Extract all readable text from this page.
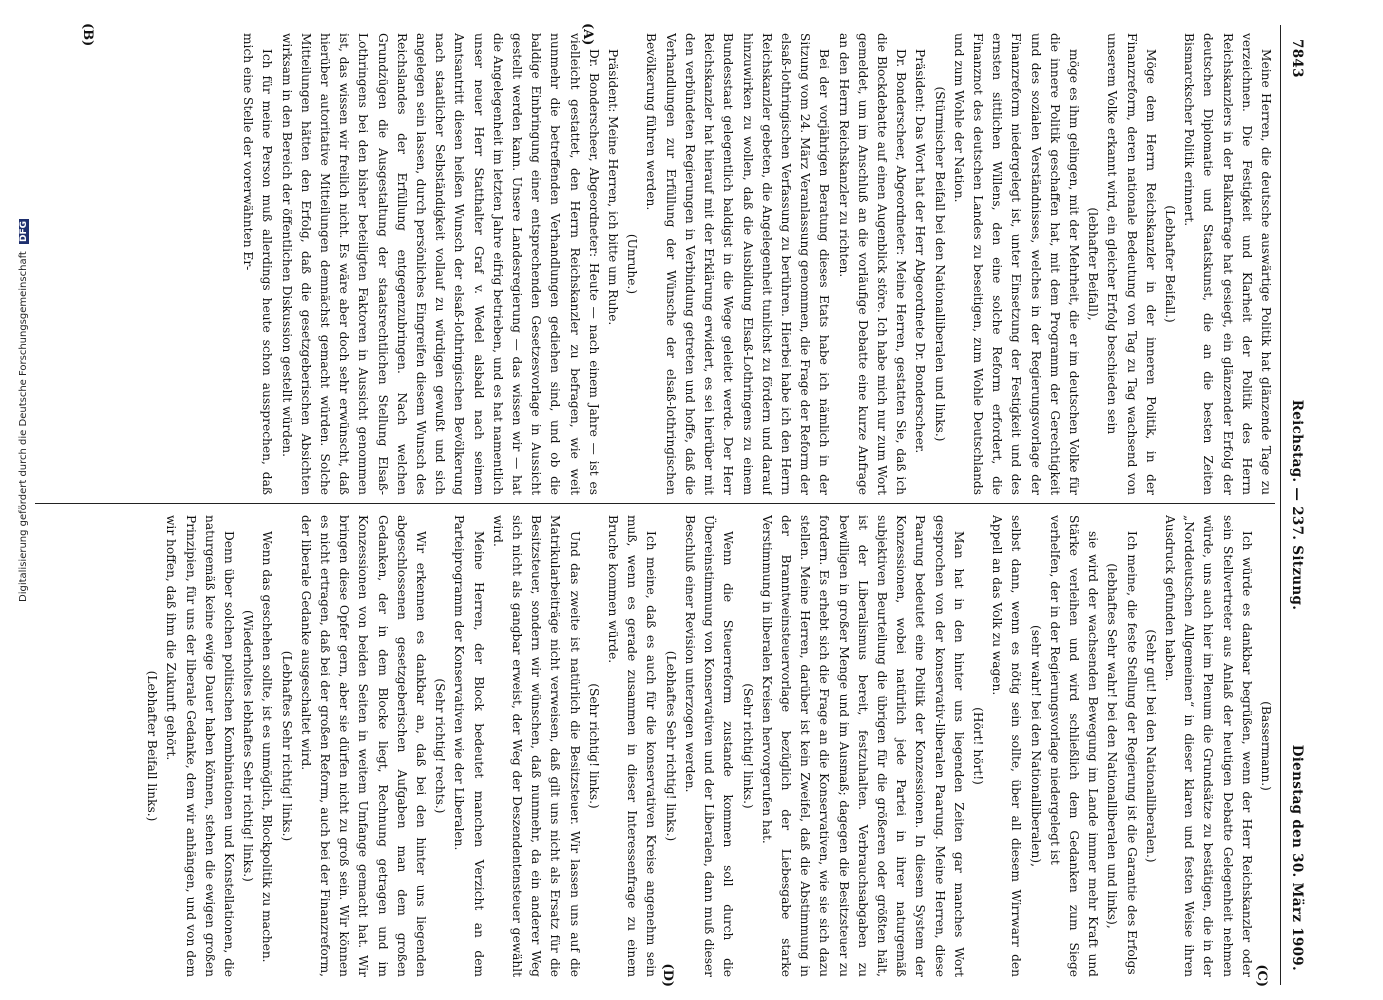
7843
Reichstag. — 237. Sitzung.
Dienstag den 30. März 1909.

Meine Herren, die deutsche auswärtige Politik hat glänzende Tage zu verzeichnen. Die Festigkeit und Klarheit der Politik des Herrn Reichskanzlers in der Balkanfrage hat gesiegt, ein glänzender Erfolg der deutschen Diplomatie und Staatskunst, die an die besten Zeiten Bismarckscher Politik erinnert.

(Lebhafter Beifall.)

Möge dem Herrn Reichskanzler in der inneren Politik, in der Finanzreform, deren nationale Bedeutung von Tag zu Tag wachsend von unserem Volke erkannt wird, ein gleicher Erfolg beschieden sein

(lebhafter Beifall),

möge es ihm gelingen, mit der Mehrheit, die er im deutschen Volke für die innere Politik geschaffen hat, mit dem Programm der Gerechtigkeit und des sozialen Verständnisses, welches in der Regierungsvorlage der Finanzreform niedergelegt ist, unter Einsetzung der Festigkeit und des ernsten sittlichen Willens, den eine solche Reform erfordert, die Finanznot des deutschen Landes zu beseitigen, zum Wohle Deutschlands und zum Wohle der Nation.

(Stürmischer Beifall bei den Nationalliberalen und links.)

Präsident: Das Wort hat der Herr Abgeordnete Dr. Bonderscheer.

Dr. Bonderscheer, Abgeordneter: Meine Herren, gestatten Sie, daß ich die Blockdebatte auf einen Augenblick störe. Ich habe mich nur zum Wort gemeldet, um im Anschluß an die vorläufige Debatte eine kurze Anfrage an den Herrn Reichskanzler zu richten.

Bei der vorjährigen Beratung dieses Etats habe ich nämlich in der Sitzung vom 24. März Veranlassung genommen, die Frage der Reform der elsaß-lothringischen Verfassung zu berühren. Hierbei habe ich den Herrn Reichskanzler gebeten, die Angelegenheit tunlichst zu fördern und darauf hinzuwirken zu wollen, daß die Ausbildung Elsaß-Lothringens zu einem Bundesstaat gelegentlich baldigst in die Wege geleitet werde. Der Herr Reichskanzler hat hierauf mit der Erklärung erwidert, es sei hierüber mit den verbündeten Regierungen in Verbindung getreten und hoffe, daß die Verhandlungen zur Erfüllung der Wünsche der elsaß-lothringischen Bevölkerung führen werden.

(Unruhe.)

Präsident: Meine Herren, ich bitte um Ruhe.

Dr. Bonderscheer, Abgeordneter: Heute — nach einem Jahre — ist es vielleicht gestattet, den Herrn Reichskanzler zu befragen, wie weit nunmehr die betreffenden Verhandlungen gediehen sind, und ob die baldige Einbringung einer entsprechenden Gesetzesvorlage in Aussicht gestellt werden kann. Unsere Landesregierung — das wissen wir — hat die Angelegenheit im letzten Jahre eifrig betrieben, und es hat namentlich unser neuer Herr Statthalter Graf v. Wedel alsbald nach seinem Amtsantritt diesen heißen Wunsch der elsaß-lothringischen Bevölkerung nach staatlicher Selbständigkeit vollauf zu würdigen gewußt und sich angelegen sein lassen, durch persönliches Eingreifen diesem Wunsch des Reichslandes der Erfüllung entgegenzubringen. Nach welchen Grundzügen die Ausgestaltung der staatsrechtlichen Stellung Elsaß-Lothringens bei den bisher beteiligten Faktoren in Aussicht genommen ist, das wissen wir freilich nicht. Es wäre aber doch sehr erwünscht, daß hierüber autoritative Mitteilungen demnächst gemacht würden. Solche Mitteilungen hätten den Erfolg, daß die gesetzgeberischen Absichten wirksam in den Bereich der öffentlichen Diskussion gestellt würden.

Ich für meine Person muß allerdings heute schon aussprechen, daß mich eine Stelle der vorerwähnten Er-

(Bassermann.)

Ich würde es dankbar begrüßen, wenn der Herr Reichskanzler oder sein Stellvertreter aus Anlaß der heutigen Debatte Gelegenheit nehmen würde, uns auch hier im Plenum die Grundsätze zu bestätigen, die in der „Norddeutschen Allgemeinen“ in dieser klaren und festen Weise ihren Ausdruck gefunden haben.

(Sehr gut! bei den Nationalliberalen.)

Ich meine, die feste Stellung der Regierung ist die Garantie des Erfolgs

(lebhaftes Sehr wahr! bei den Nationalliberalen und links),

sie wird der wachsenden Bewegung im Lande immer mehr Kraft und Stärke verleihen und wird schließlich dem Gedanken zum Siege verhelfen, der in der Regierungsvorlage niedergelegt ist

(sehr wahr! bei den Nationalliberalen),

selbst dann, wenn es nötig sein sollte, über all diesem Wirrwarr den Appell an das Volk zu wagen.

(Hört! hört!)

Man hat in den hinter uns liegenden Zeiten gar manches Wort gesprochen von der konservativ-liberalen Paarung. Meine Herren, diese Paarung bedeutet eine Politik der Konzessionen. In diesem System der Konzessionen, wobei natürlich jede Partei in ihrer naturgemäß subjektiven Beurteilung die übrigen für die größeren oder größten hält, ist der Liberalismus bereit, festzuhalten. Verbrauchsabgaben zu bewilligen in großer Menge und im Ausmaß; dagegen die Besitzsteuer zu fordern. Es erhebt sich die Frage an die Konservativen, wie sie sich dazu stellen. Meine Herren, darüber ist kein Zweifel, daß die Abstimmung in der Branntweinsteuervorlage bezüglich der Liebesgabe starke Verstimmung in liberalen Kreisen hervorgerufen hat.

(Sehr richtig! links.)

Wenn die Steuerreform zustande kommen soll durch die Übereinstimmung von Konservativen und der Liberalen, dann muß dieser Beschluß einer Revision unterzogen werden.

(Lebhaftes Sehr richtig! links.)

Ich meine, daß es auch für die konservativen Kreise angenehm sein muß, wenn es gerade zusammen in dieser Interessenfrage zu einem Bruche kommen würde.

(Sehr richtig! links.)

Und das zweite ist natürlich die Besitzsteuer. Wir lassen uns auf die Matrikularbeiträge nicht verweisen, daß gilt uns nicht als Ersatz für die Besitzsteuer, sondern wir wünschen, daß nunmehr, da ein anderer Weg sich nicht als gangbar erweist, der Weg der Deszendentensteuer gewählt wird.

Meine Herren, der Block bedeutet manchen Verzicht an dem Parteiprogramm der Konservativen wie der Liberalen.

(Sehr richtig! rechts.)

Wir erkennen es dankbar an, daß bei den hinter uns liegenden abgeschlossenen gesetzgeberischen Aufgaben man dem großen Gedanken, der in dem Blocke liegt, Rechnung getragen und im Konzessionen von beiden Seiten in weitem Umfange gemacht hat. Wir bringen diese Opfer gern, aber sie dürfen nicht zu groß sein. Wir können es nicht ertragen, daß bei der großen Reform, auch bei der Finanzreform, der liberale Gedanke ausgeschaltet wird.

(Lebhaftes Sehr richtig! links.)

Wenn das geschehen sollte, ist es unmöglich, Blockpolitik zu machen.

(Wiederholtes lebhaftes Sehr richtig! links.)

Denn über solchen politischen Kombinationen und Konstellationen, die naturgemäß keine ewige Dauer haben können, stehen die ewigen großen Prinzipien, für uns der liberale Gedanke, dem wir anhängen, und von dem wir hoffen, daß ihm die Zukunft gehört.

(Lebhafter Beifall links.)

(C)
(D)
(A)
(B)
Digitalisierung gefördert durch die Deutsche Forschungsgemeinschaft DFG
